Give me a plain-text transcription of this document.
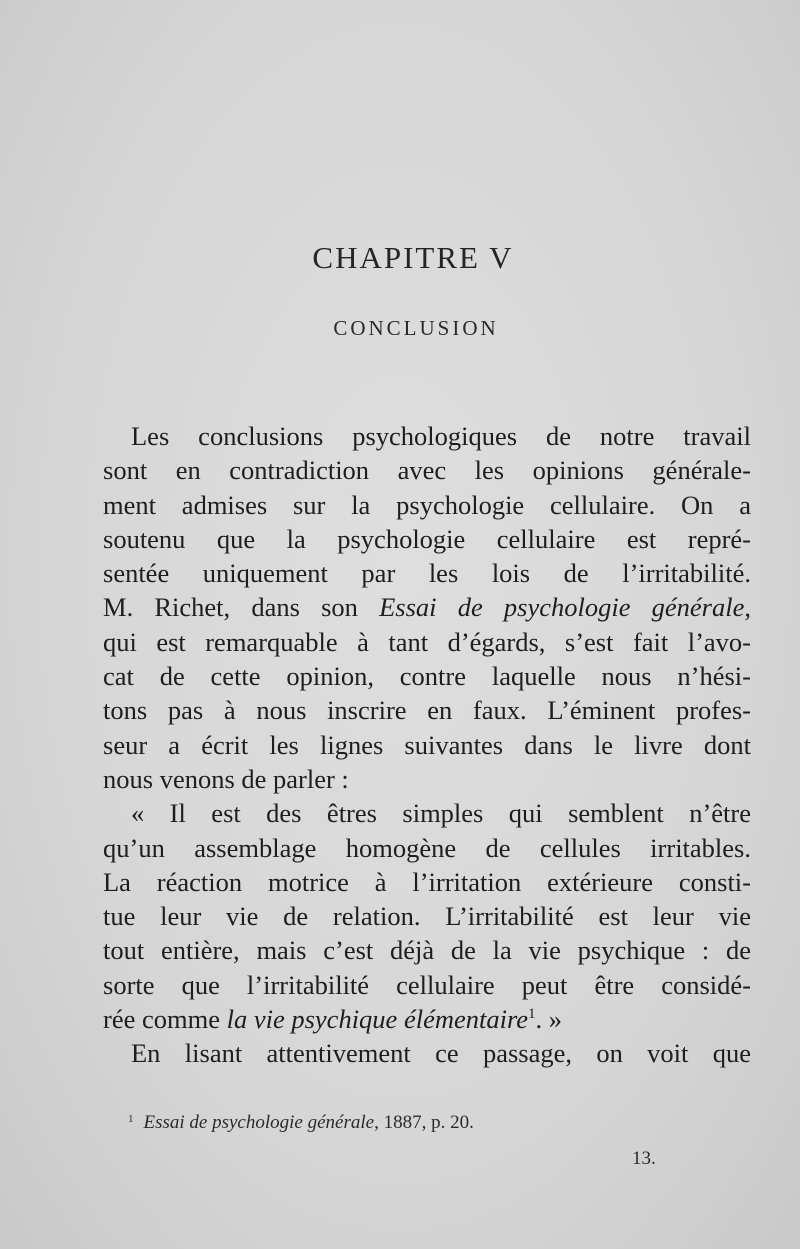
CHAPITRE V
CONCLUSION
Les conclusions psychologiques de notre travail
sont en contradiction avec les opinions générale-
ment admises sur la psychologie cellulaire. On a
soutenu que la psychologie cellulaire est repré-
sentée uniquement par les lois de l’irritabilité.
M. Richet, dans son Essai de psychologie générale,
qui est remarquable à tant d’égards, s’est fait l’avo-
cat de cette opinion, contre laquelle nous n’hési-
tons pas à nous inscrire en faux. L’éminent profes-
seur a écrit les lignes suivantes dans le livre dont
nous venons de parler :
« Il est des êtres simples qui semblent n’être
qu’un assemblage homogène de cellules irritables.
La réaction motrice à l’irritation extérieure consti-
tue leur vie de relation. L’irritabilité est leur vie
tout entière, mais c’est déjà de la vie psychique : de
sorte que l’irritabilité cellulaire peut être considé-
rée comme la vie psychique élémentaire$^1$. »
En lisant attentivement ce passage, on voit que
$^1$ Essai de psychologie générale, 1887, p. 20.
13.
